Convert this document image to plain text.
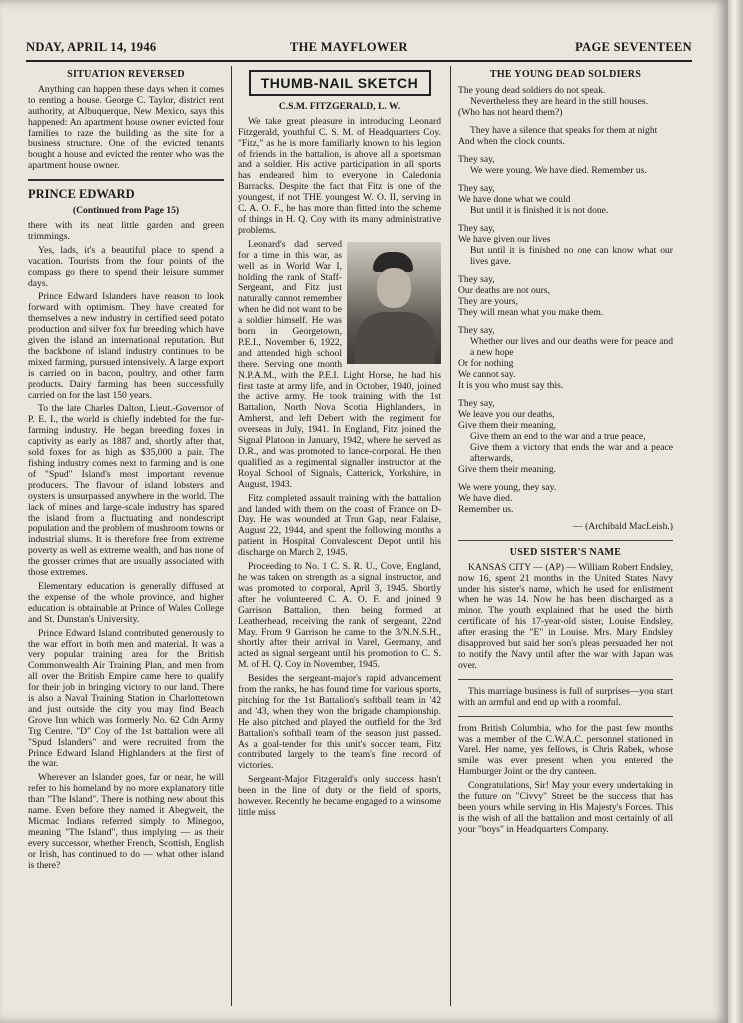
NDAY, APRIL 14, 1946	THE MAYFLOWER	PAGE SEVENTEEN
SITUATION REVERSED

Anything can happen these days when it comes to renting a house. George C. Taylor, district rent authority, at Albuquerque, New Mexico, says this happened: An apartment house owner evicted four families to raze the building as the site for a business structure. One of the evicted tenants bought a house and evicted the renter who was the apartment house owner.

PRINCE EDWARD
(Continued from Page 15)

there with its neat little garden and green trimmings.

Yes, lads, it's a beautiful place to spend a vacation. Tourists from the four points of the compass go there to spend their leisure summer days.

Prince Edward Islanders have reason to look forward with optimism. They have created for themselves a new industry in certified seed potato production and silver fox fur breeding which have given the island an international reputation. But the backbone of island industry continues to be mixed farming, pursued intensively. A large export is carried on in bacon, poultry, and other farm products. Dairy farming has been successfully carried on for the last 150 years.

To the late Charles Dalton, Lieut.-Governor of P. E. I., the world is chiefly indebted for the fur-farming industry. He began breeding foxes in captivity as early as 1887 and, shortly after that, sold foxes for as high as $35,000 a pair. The fishing industry comes next to farming and is one of "Spud" Island's most important revenue producers. The flavour of island lobsters and oysters is unsurpassed anywhere in the world. The lack of mines and large-scale industry has spared the island from a fluctuating and nondescript population and the problem of mushroom towns or industrial slums. It is therefore free from extreme poverty as well as extreme wealth, and has none of the grosser crimes that are usually associated with those extremes.

Elementary education is generally diffused at the expense of the whole province, and higher education is obtainable at Prince of Wales College and St. Dunstan's University.

Prince Edward Island contributed generously to the war effort in both men and material. It was a very popular training area for the British Commonwealth Air Training Plan, and men from all over the British Empire came here to qualify for their job in bringing victory to our land. There is also a Naval Training Station in Charlottetown and just outside the city you may find Beach Grove Inn which was formerly No. 62 Cdn Army Trg Centre. "D" Coy of the 1st battalion were all "Spud Islanders" and were recruited from the Prince Edward Island Highlanders at the first of the war.

Wherever an Islander goes, far or near, he will refer to his homeland by no more explanatory title than "The Island". There is nothing new about this name. Even before they named it Abegweit, the Micmac Indians referred simply to Minegoo, meaning "The Island", thus implying — as their every successor, whether French, Scottish, English or Irish, has continued to do — what other island is there?

THUMB-NAIL SKETCH
C.S.M. FITZGERALD, L. W.

We take great pleasure in introducing Leonard Fitzgerald, youthful C. S. M. of Headquarters Coy. "Fitz," as he is more familiarly known to his legion of friends in the battalion, is above all a sportsman and a soldier. His active participation in all sports has endeared him to everyone in Caledonia Barracks. Despite the fact that Fitz is one of the youngest, if not THE youngest W. O. II, serving in C. A. O. F., he has more than fitted into the scheme of things in H. Q. Coy with its many administrative problems.

Leonard's dad served for a time in this war, as well as in World War I, holding the rank of Staff-Sergeant, and Fitz just naturally cannot remember when he did not want to be a soldier himself. He was born in Georgetown, P.E.I., November 6, 1922, and attended high school there. Serving one month N.P.A.M., with the P.E.I. Light Horse, he had his first taste at army life, and in October, 1940, joined the active army. He took training with the 1st Battalion, North Nova Scotia Highlanders, in Amherst, and left Debert with the regiment for overseas in July, 1941. In England, Fitz joined the Signal Platoon in January, 1942, where he served as D.R., and was promoted to lance-corporal. He then qualified as a regimental signaller instructor at the Royal School of Signals, Catterick, Yorkshire, in August, 1943.

Fitz completed assault training with the battalion and landed with them on the coast of France on D-Day. He was wounded at Trun Gap, near Falaise, August 22, 1944, and spent the following months a patient in Hospital Convalescent Depot until his discharge on March 2, 1945.

Proceeding to No. 1 C. S. R. U., Cove, England, he was taken on strength as a signal instructor, and was promoted to corporal, April 3, 1945. Shortly after he volunteered C. A. O. F. and joined 9 Garrison Battalion, then being formed at Leatherhead, receiving the rank of sergeant, 22nd May. From 9 Garrison he came to the 3/N.N.S.H., shortly after their arrival in Varel, Germany, and acted as signal sergeant until his promotion to C. S. M. of H. Q. Coy in November, 1945.

Besides the sergeant-major's rapid advancement from the ranks, he has found time for various sports, pitching for the 1st Battalion's softball team in '42 and '43, when they won the brigade championship. He also pitched and played the outfield for the 3rd Battalion's softball team of the season just passed. As a goal-tender for this unit's soccer team, Fitz contributed largely to the team's fine record of victories.

Sergeant-Major Fitzgerald's only success hasn't been in the line of duty or the field of sports, however. Recently he became engaged to a winsome little miss

THE YOUNG DEAD SOLDIERS
The young dead soldiers do not speak.
Nevertheless they are heard in the still houses.
(Who has not heard them?)
They have a silence that speaks for them at night
And when the clock counts.
They say,
We were young. We have died. Remember us.
They say,
We have done what we could
But until it is finished it is not done.
They say,
We have given our lives
But until it is finished no one can know what our lives gave.
They say,
Our deaths are not ours,
They are yours,
They will mean what you make them.
They say,
Whether our lives and our deaths were for peace and a new hope
Or for nothing
We cannot say.
It is you who must say this.
They say,
We leave you our deaths,
Give them their meaning,
Give them an end to the war and a true peace,
Give them a victory that ends the war and a peace afterwards,
Give them their meaning.
We were young, they say.
We have died.
Remember us.
— (Archibald MacLeish.)
USED SISTER'S NAME

KANSAS CITY — (AP) — William Robert Endsley, now 16, spent 21 months in the United States Navy under his sister's name, which he used for enlistment when he was 14. Now he has been discharged as a minor. The youth explained that he used the birth certificate of his 17-year-old sister, Louise Endsley, after erasing the "E" in Louise. Mrs. Mary Endsley disapproved but said her son's pleas persuaded her not to notify the Navy until after the war with Japan was over.

This marriage business is full of surprises—you start with an armful and end up with a roomful.

from British Columbia, who for the past few months was a member of the C.W.A.C. personnel stationed in Varel. Her name, yes fellows, is Chris Rabek, whose smile was ever present when you entered the Hamburger Joint or the dry canteen.

Congratulations, Sir! May your every undertaking in the future on "Civvy" Street be the success that has been yours while serving in His Majesty's Forces. This is the wish of all the battalion and most certainly of all your "boys" in Headquarters Company.
